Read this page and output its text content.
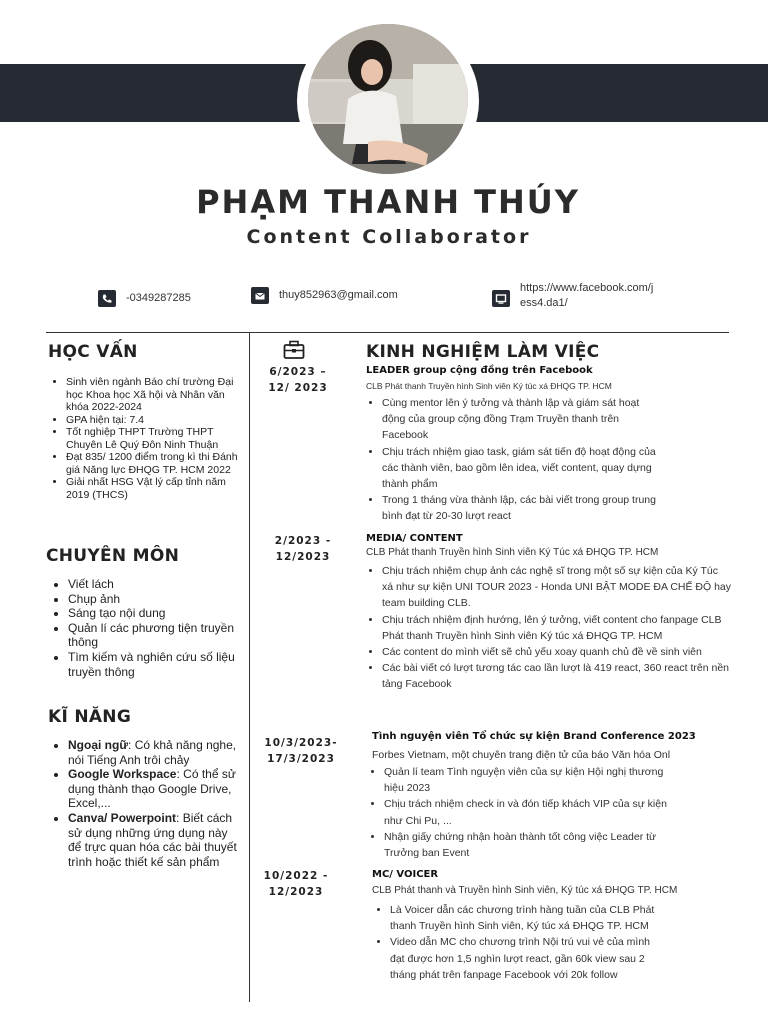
PHẠM THANH THÚY
Content Collaborator
-0349287285	thuy852963@gmail.com
https://www.facebook.com/j
ess4.da1/
HỌC VẤN
• Sinh viên ngành Báo chí trường Đại học Khoa học Xã hội và Nhân văn khóa 2022-2024
• GPA hiện tại: 7.4
• Tốt nghiệp THPT Trường THPT Chuyên Lê Quý Đôn Ninh Thuận
• Đạt 835/ 1200 điểm trong kì thi Đánh giá Năng lực ĐHQG TP. HCM 2022
• Giải nhất HSG Vật lý cấp tỉnh năm 2019 (THCS)
CHUYÊN MÔN
• Viết lách
• Chụp ảnh
• Sáng tạo nội dung
• Quản lí các phương tiện truyền thông
• Tìm kiếm và nghiên cứu số liệu truyền thông
KĨ NĂNG
• Ngoại ngữ: Có khả năng nghe, nói Tiếng Anh trôi chảy
• Google Workspace: Có thể sử dụng thành thạo Google Drive, Excel,...
• Canva/ Powerpoint: Biết cách sử dụng những ứng dụng này để trực quan hóa các bài thuyết trình hoặc thiết kế sản phẩm
KINH NGHIỆM LÀM VIỆC
6/2023 –
12/ 2023
LEADER group cộng đồng trên Facebook
CLB Phát thanh Truyền hình Sinh viên Ký túc xá ĐHQG TP. HCM
• Cùng mentor lên ý tưởng và thành lập và giám sát hoạt động của group cộng đồng Trạm Truyền thanh trên Facebook
• Chịu trách nhiệm giao task, giám sát tiến độ hoạt động của các thành viên, bao gồm lên idea, viết content, quay dựng thành phẩm
• Trong 1 tháng vừa thành lập, các bài viết trong group trung bình đạt từ 20-30 lượt react
2/2023 -
12/2023
MEDIA/ CONTENT
CLB Phát thanh Truyền hình Sinh viên Ký Túc xá ĐHQG TP. HCM
• Chịu trách nhiệm chụp ảnh các nghệ sĩ trong một số sự kiện của Ký Túc xá như sự kiện UNI TOUR 2023 - Honda UNI BẬT MODE ĐA CHẾ ĐỘ hay team building CLB.
• Chịu trách nhiệm định hướng, lên ý tưởng, viết content cho fanpage CLB Phát thanh Truyền hình Sinh viên Ký túc xá ĐHQG TP. HCM
• Các content do mình viết sẽ chủ yếu xoay quanh chủ đề về sinh viên
• Các bài viết có lượt tương tác cao lần lượt là 419 react, 360 react trên nền tảng Facebook
10/3/2023-
17/3/2023
Tình nguyện viên Tổ chức sự kiện Brand Conference 2023
Forbes Vietnam, một chuyên trang điện tử của báo Văn hóa Onl
• Quản lí team Tình nguyện viên của sự kiện Hội nghị thương hiệu 2023
• Chịu trách nhiệm check in và đón tiếp khách VIP của sự kiện như Chi Pu, ...
• Nhận giấy chứng nhận hoàn thành tốt công việc Leader từ Trưởng ban Event
10/2022 -
12/2023
MC/ VOICER
CLB Phát thanh và Truyền hình Sinh viên, Ký túc xá ĐHQG TP. HCM
• Là Voicer dẫn các chương trình hàng tuần của CLB Phát thanh Truyền hình Sinh viên, Ký túc xá ĐHQG TP. HCM
• Video dẫn MC cho chương trình Nội trú vui vẻ của mình đạt được hơn 1,5 nghìn lượt react, gần 60k view sau 2 tháng phát trên fanpage Facebook với 20k follow
